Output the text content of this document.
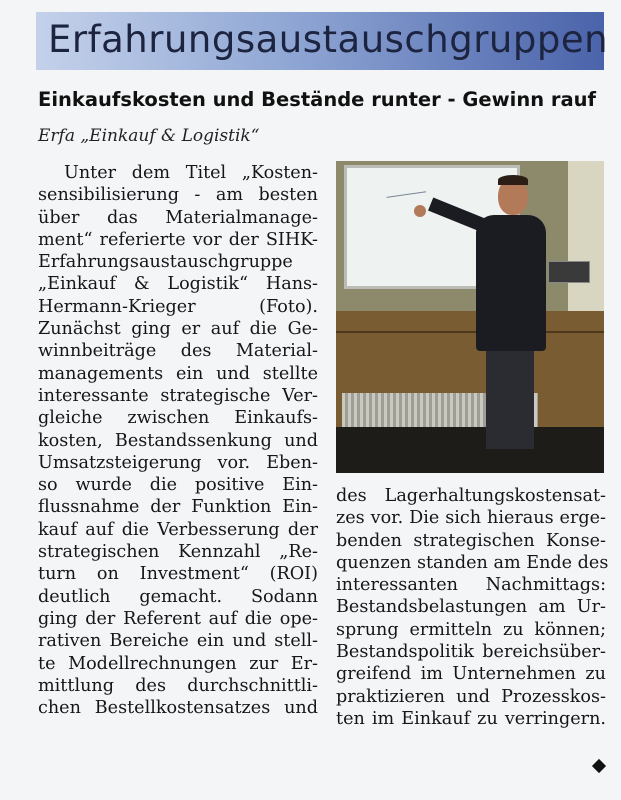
Erfahrungsaustauschgruppen
Einkaufskosten und Bestände runter - Gewinn rauf
Erfa „Einkauf & Logistik“
Unter dem Titel „Kosten-
sensibilisierung - am besten
über das Materialmanage-
ment“ referierte vor der SIHK-
Erfahrungsaustauschgruppe
„Einkauf & Logistik“ Hans-
Hermann-Krieger (Foto).
Zunächst ging er auf die Ge-
winnbeiträge des Material-
managements ein und stellte
interessante strategische Ver-
gleiche zwischen Einkaufs-
kosten, Bestandssenkung und
Umsatzsteigerung vor. Eben-
so wurde die positive Ein-
flussnahme der Funktion Ein-
kauf auf die Verbesserung der
strategischen Kennzahl „Re-
turn on Investment“ (ROI)
deutlich gemacht. Sodann
ging der Referent auf die ope-
rativen Bereiche ein und stell-
te Modellrechnungen zur Er-
mittlung des durchschnittli-
chen Bestellkostensatzes und
des Lagerhaltungskostensat-
zes vor. Die sich hieraus erge-
benden strategischen Konse-
quenzen standen am Ende des
interessanten Nachmittags:
Bestandsbelastungen am Ur-
sprung ermitteln zu können;
Bestandspolitik bereichsüber-
greifend im Unternehmen zu
praktizieren und Prozesskos-
ten im Einkauf zu verringern.
